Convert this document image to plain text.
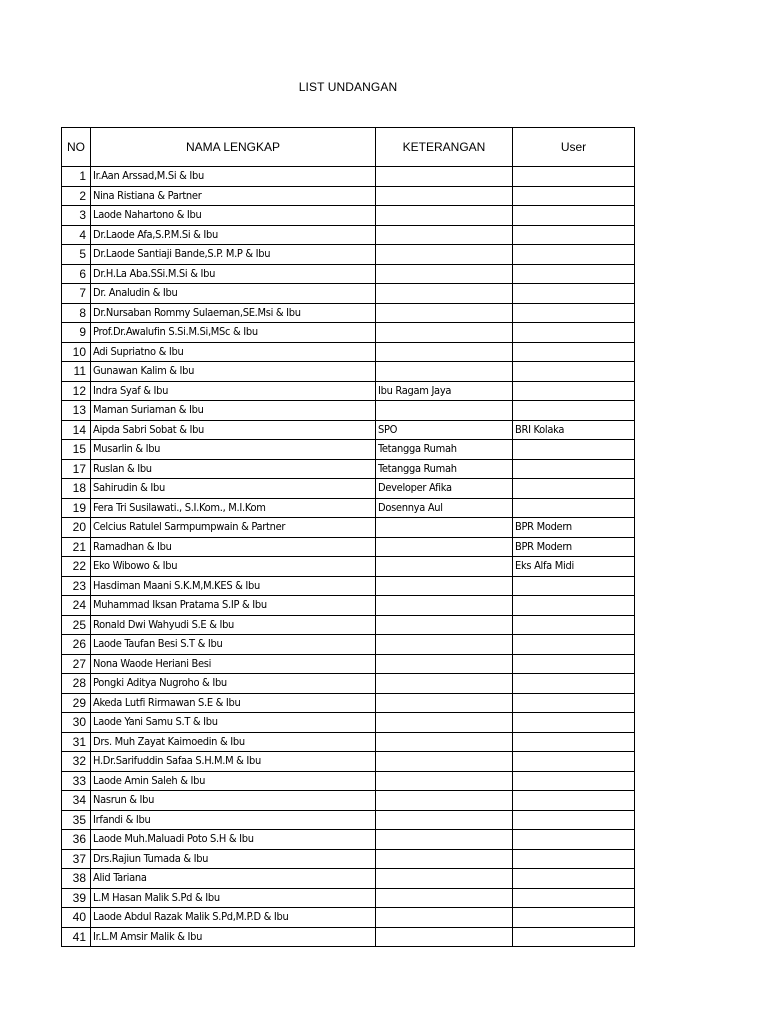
LIST UNDANGAN
NO	NAMA LENGKAP	KETERANGAN	User
1	Ir.Aan Arssad,M.Si & Ibu		
2	Nina Ristiana & Partner		
3	Laode Nahartono & Ibu		
4	Dr.Laode Afa,S.P.M.Si & Ibu		
5	Dr.Laode Santiaji Bande,S.P. M.P & Ibu		
6	Dr.H.La Aba.SSi.M.Si & Ibu		
7	Dr. Analudin & Ibu		
8	Dr.Nursaban Rommy Sulaeman,SE.Msi & Ibu		
9	Prof.Dr.Awalufin S.Si.M.Si,MSc & Ibu		
10	Adi Supriatno & Ibu		
11	Gunawan Kalim & Ibu		
12	Indra Syaf & Ibu	Ibu Ragam Jaya	
13	Maman Suriaman & Ibu		
14	Aipda Sabri Sobat & Ibu	SPO	BRI Kolaka
15	Musarlin & Ibu	Tetangga Rumah	
17	Ruslan & Ibu	Tetangga Rumah	
18	Sahirudin & Ibu	Developer Afika	
19	Fera Tri Susilawati., S.I.Kom., M.I.Kom	Dosennya Aul	
20	Celcius Ratulel Sarmpumpwain & Partner		BPR Modern
21	Ramadhan & Ibu		BPR Modern
22	Eko Wibowo & Ibu		Eks Alfa Midi
23	Hasdiman Maani S.K.M,M.KES & Ibu		
24	Muhammad Iksan Pratama S.IP & Ibu		
25	Ronald Dwi Wahyudi S.E & Ibu		
26	Laode Taufan Besi S.T & Ibu		
27	Nona Waode Heriani Besi		
28	Pongki Aditya Nugroho & Ibu		
29	Akeda Lutfi Rirmawan S.E & Ibu		
30	Laode Yani Samu S.T & Ibu		
31	Drs. Muh Zayat Kaimoedin & Ibu		
32	H.Dr.Sarifuddin Safaa S.H.M.M & Ibu		
33	Laode Amin Saleh & Ibu		
34	Nasrun & Ibu		
35	Irfandi & Ibu		
36	Laode Muh.Maluadi Poto S.H & Ibu		
37	Drs.Rajiun Tumada & Ibu		
38	Alid Tariana		
39	L.M Hasan Malik S.Pd & Ibu		
40	Laode Abdul Razak Malik S.Pd,M.P.D & Ibu		
41	Ir.L.M Amsir Malik & Ibu		
